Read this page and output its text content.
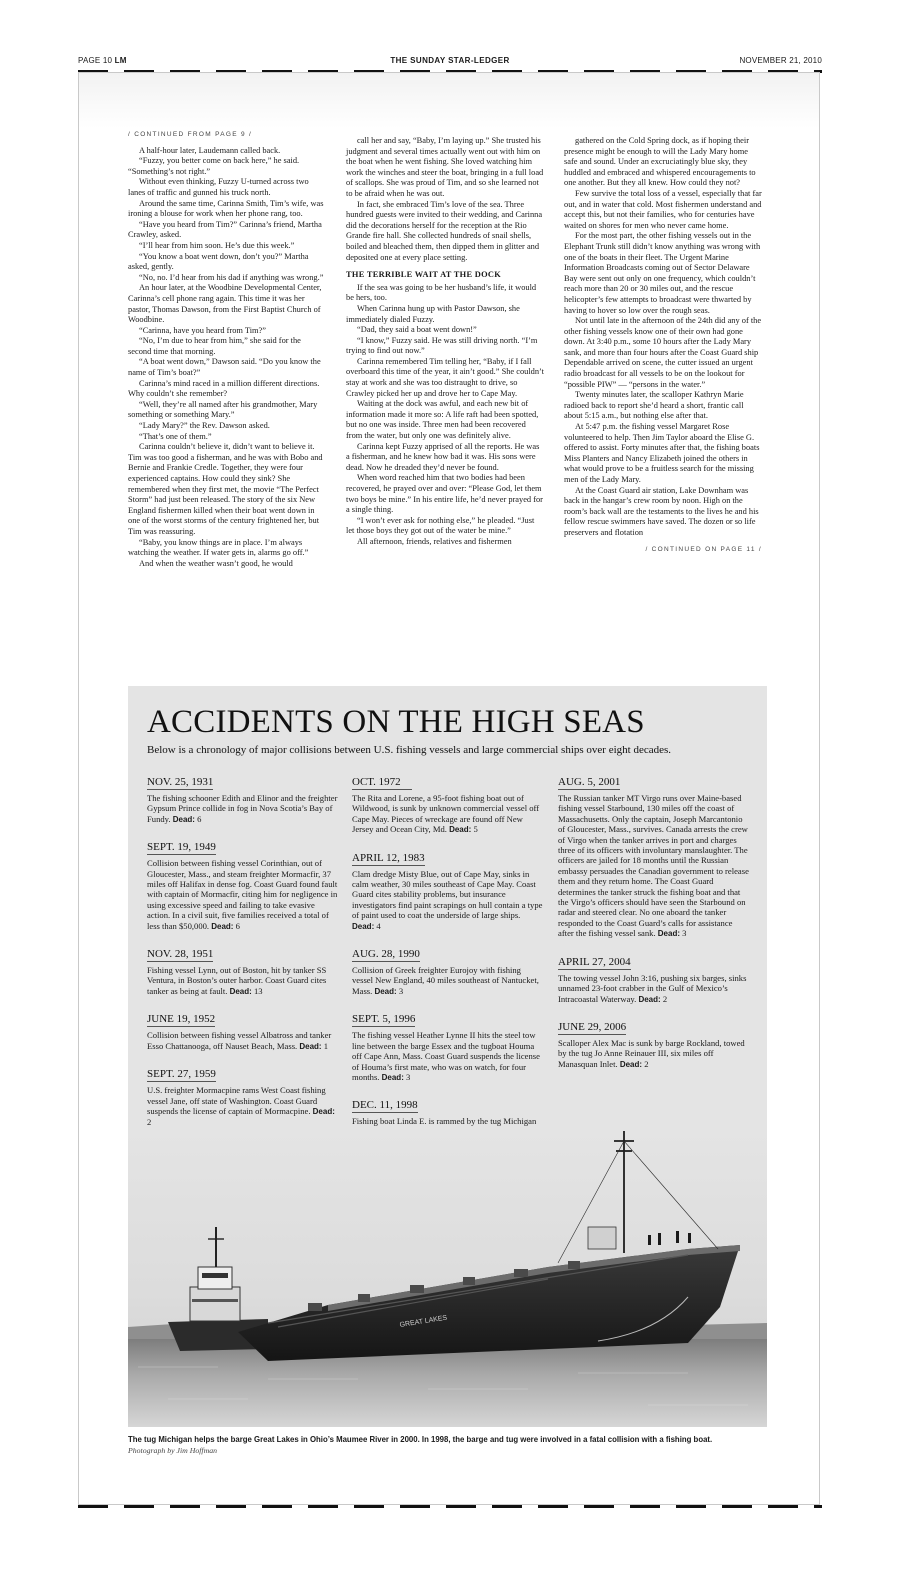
PAGE 10 LM	THE SUNDAY STAR-LEDGER	NOVEMBER 21, 2010
/ CONTINUED FROM PAGE 9 /

A half-hour later, Laudemann called back.

“Fuzzy, you better come on back here,” he said. “Something’s not right.”

Without even thinking, Fuzzy U-turned across two lanes of traffic and gunned his truck north.

Around the same time, Carinna Smith, Tim’s wife, was ironing a blouse for work when her phone rang, too.

“Have you heard from Tim?” Carinna’s friend, Martha Crawley, asked.

“I’ll hear from him soon. He’s due this week.”

“You know a boat went down, don’t you?” Martha asked, gently.

“No, no. I’d hear from his dad if anything was wrong.”

An hour later, at the Woodbine Developmental Center, Carinna’s cell phone rang again. This time it was her pastor, Thomas Dawson, from the First Baptist Church of Woodbine.

“Carinna, have you heard from Tim?”

“No, I’m due to hear from him,” she said for the second time that morning.

“A boat went down,” Dawson said. “Do you know the name of Tim’s boat?”

Carinna’s mind raced in a million different directions. Why couldn’t she remember?

“Well, they’re all named after his grandmother, Mary something or something Mary.”

“Lady Mary?” the Rev. Dawson asked.

“That’s one of them.”

Carinna couldn’t believe it, didn’t want to believe it. Tim was too good a fisherman, and he was with Bobo and Bernie and Frankie Credle. Together, they were four experienced captains. How could they sink? She remembered when they first met, the movie “The Perfect Storm” had just been released. The story of the six New England fishermen killed when their boat went down in one of the worst storms of the century frightened her, but Tim was reassuring.

“Baby, you know things are in place. I’m always watching the weather. If water gets in, alarms go off.”

And when the weather wasn’t good, he would

call her and say, “Baby, I’m laying up.” She trusted his judgment and several times actually went out with him on the boat when he went fishing. She loved watching him work the winches and steer the boat, bringing in a full load of scallops. She was proud of Tim, and so she learned not to be afraid when he was out.

In fact, she embraced Tim’s love of the sea. Three hundred guests were invited to their wedding, and Carinna did the decorations herself for the reception at the Rio Grande fire hall. She collected hundreds of snail shells, boiled and bleached them, then dipped them in glitter and deposited one at every place setting.

THE TERRIBLE WAIT AT THE DOCK

If the sea was going to be her husband’s life, it would be hers, too.

When Carinna hung up with Pastor Dawson, she immediately dialed Fuzzy.

“Dad, they said a boat went down!”

“I know,” Fuzzy said. He was still driving north. “I’m trying to find out now.”

Carinna remembered Tim telling her, “Baby, if I fall overboard this time of the year, it ain’t good.” She couldn’t stay at work and she was too distraught to drive, so Crawley picked her up and drove her to Cape May.

Waiting at the dock was awful, and each new bit of information made it more so: A life raft had been spotted, but no one was inside. Three men had been recovered from the water, but only one was definitely alive.

Carinna kept Fuzzy apprised of all the reports. He was a fisherman, and he knew how bad it was. His sons were dead. Now he dreaded they’d never be found.

When word reached him that two bodies had been recovered, he prayed over and over: “Please God, let them two boys be mine.” In his entire life, he’d never prayed for a single thing.

“I won’t ever ask for nothing else,” he pleaded. “Just let those boys they got out of the water be mine.”

All afternoon, friends, relatives and fishermen

gathered on the Cold Spring dock, as if hoping their presence might be enough to will the Lady Mary home safe and sound. Under an excruciatingly blue sky, they huddled and embraced and whispered encouragements to one another. But they all knew. How could they not?

Few survive the total loss of a vessel, especially that far out, and in water that cold. Most fishermen understand and accept this, but not their families, who for centuries have waited on shores for men who never came home.

For the most part, the other fishing vessels out in the Elephant Trunk still didn’t know anything was wrong with one of the boats in their fleet. The Urgent Marine Information Broadcasts coming out of Sector Delaware Bay were sent out only on one frequency, which couldn’t reach more than 20 or 30 miles out, and the rescue helicopter’s few attempts to broadcast were thwarted by having to hover so low over the rough seas.

Not until late in the afternoon of the 24th did any of the other fishing vessels know one of their own had gone down. At 3:40 p.m., some 10 hours after the Lady Mary sank, and more than four hours after the Coast Guard ship Dependable arrived on scene, the cutter issued an urgent radio broadcast for all vessels to be on the lookout for “possible PIW” — “persons in the water.”

Twenty minutes later, the scalloper Kathryn Marie radioed back to report she’d heard a short, frantic call about 5:15 a.m., but nothing else after that.

At 5:47 p.m. the fishing vessel Margaret Rose volunteered to help. Then Jim Taylor aboard the Elise G. offered to assist. Forty minutes after that, the fishing boats Miss Planters and Nancy Elizabeth joined the others in what would prove to be a fruitless search for the missing men of the Lady Mary.

At the Coast Guard air station, Lake Downham was back in the hangar’s crew room by noon. High on the room’s back wall are the testaments to the lives he and his fellow rescue swimmers have saved. The dozen or so life preservers and flotation

/ CONTINUED ON PAGE 11 /
ACCIDENTS ON THE HIGH SEAS

Below is a chronology of major collisions between U.S. fishing vessels and large commercial ships over eight decades.

NOV. 25, 1931

The fishing schooner Edith and Elinor and the freighter Gypsum Prince collide in fog in Nova Scotia’s Bay of Fundy. Dead: 6

SEPT. 19, 1949

Collision between fishing vessel Corinthian, out of Gloucester, Mass., and steam freighter Mormacfir, 37 miles off Halifax in dense fog. Coast Guard found fault with captain of Mormacfir, citing him for negligence in using excessive speed and failing to take evasive action. In a civil suit, five families received a total of less than $50,000. Dead: 6

NOV. 28, 1951

Fishing vessel Lynn, out of Boston, hit by tanker SS Ventura, in Boston’s outer harbor. Coast Guard cites tanker as being at fault. Dead: 13

JUNE 19, 1952

Collision between fishing vessel Albatross and tanker Esso Chattanooga, off Nauset Beach, Mass. Dead: 1

SEPT. 27, 1959

U.S. freighter Mormacpine rams West Coast fishing vessel Jane, off state of Washington. Coast Guard suspends the license of captain of Mormacpine. Dead: 2

OCT. 1972

The Rita and Lorene, a 95-foot fishing boat out of Wildwood, is sunk by unknown commercial vessel off Cape May. Pieces of wreckage are found off New Jersey and Ocean City, Md. Dead: 5

APRIL 12, 1983

Clam dredge Misty Blue, out of Cape May, sinks in calm weather, 30 miles southeast of Cape May. Coast Guard cites stability problems, but insurance investigators find paint scrapings on hull contain a type of paint used to coat the underside of large ships. Dead: 4

AUG. 28, 1990

Collision of Greek freighter Eurojoy with fishing vessel New England, 40 miles southeast of Nantucket, Mass. Dead: 3

SEPT. 5, 1996

The fishing vessel Heather Lynne II hits the steel tow line between the barge Essex and the tugboat Houma off Cape Ann, Mass. Coast Guard suspends the license of Houma’s first mate, who was on watch, for four months. Dead: 3

DEC. 11, 1998

Fishing boat Linda E. is rammed by the tug Michigan

AUG. 5, 2001

The Russian tanker MT Virgo runs over Maine-based fishing vessel Starbound, 130 miles off the coast of Massachusetts. Only the captain, Joseph Marcantonio of Gloucester, Mass., survives. Canada arrests the crew of Virgo when the tanker arrives in port and charges three of its officers with involuntary manslaughter. The officers are jailed for 18 months until the Russian embassy persuades the Canadian government to release them and they return home. The Coast Guard determines the tanker struck the fishing boat and that the Virgo’s officers should have seen the Starbound on radar and steered clear. No one aboard the tanker responded to the Coast Guard’s calls for assistance after the fishing vessel sank. Dead: 3

APRIL 27, 2004

The towing vessel John 3:16, pushing six barges, sinks unnamed 23-foot crabber in the Gulf of Mexico’s Intracoastal Waterway. Dead: 2

JUNE 29, 2006

Scalloper Alex Mac is sunk by barge Rockland, towed by the tug Jo Anne Reinauer III, six miles off Manasquan Inlet. Dead: 2

GREAT LAKES

The tug Michigan helps the barge Great Lakes in Ohio’s Maumee River in 2000. In 1998, the barge and tug were involved in a fatal collision with a fishing boat.

Photograph by Jim Hoffman
